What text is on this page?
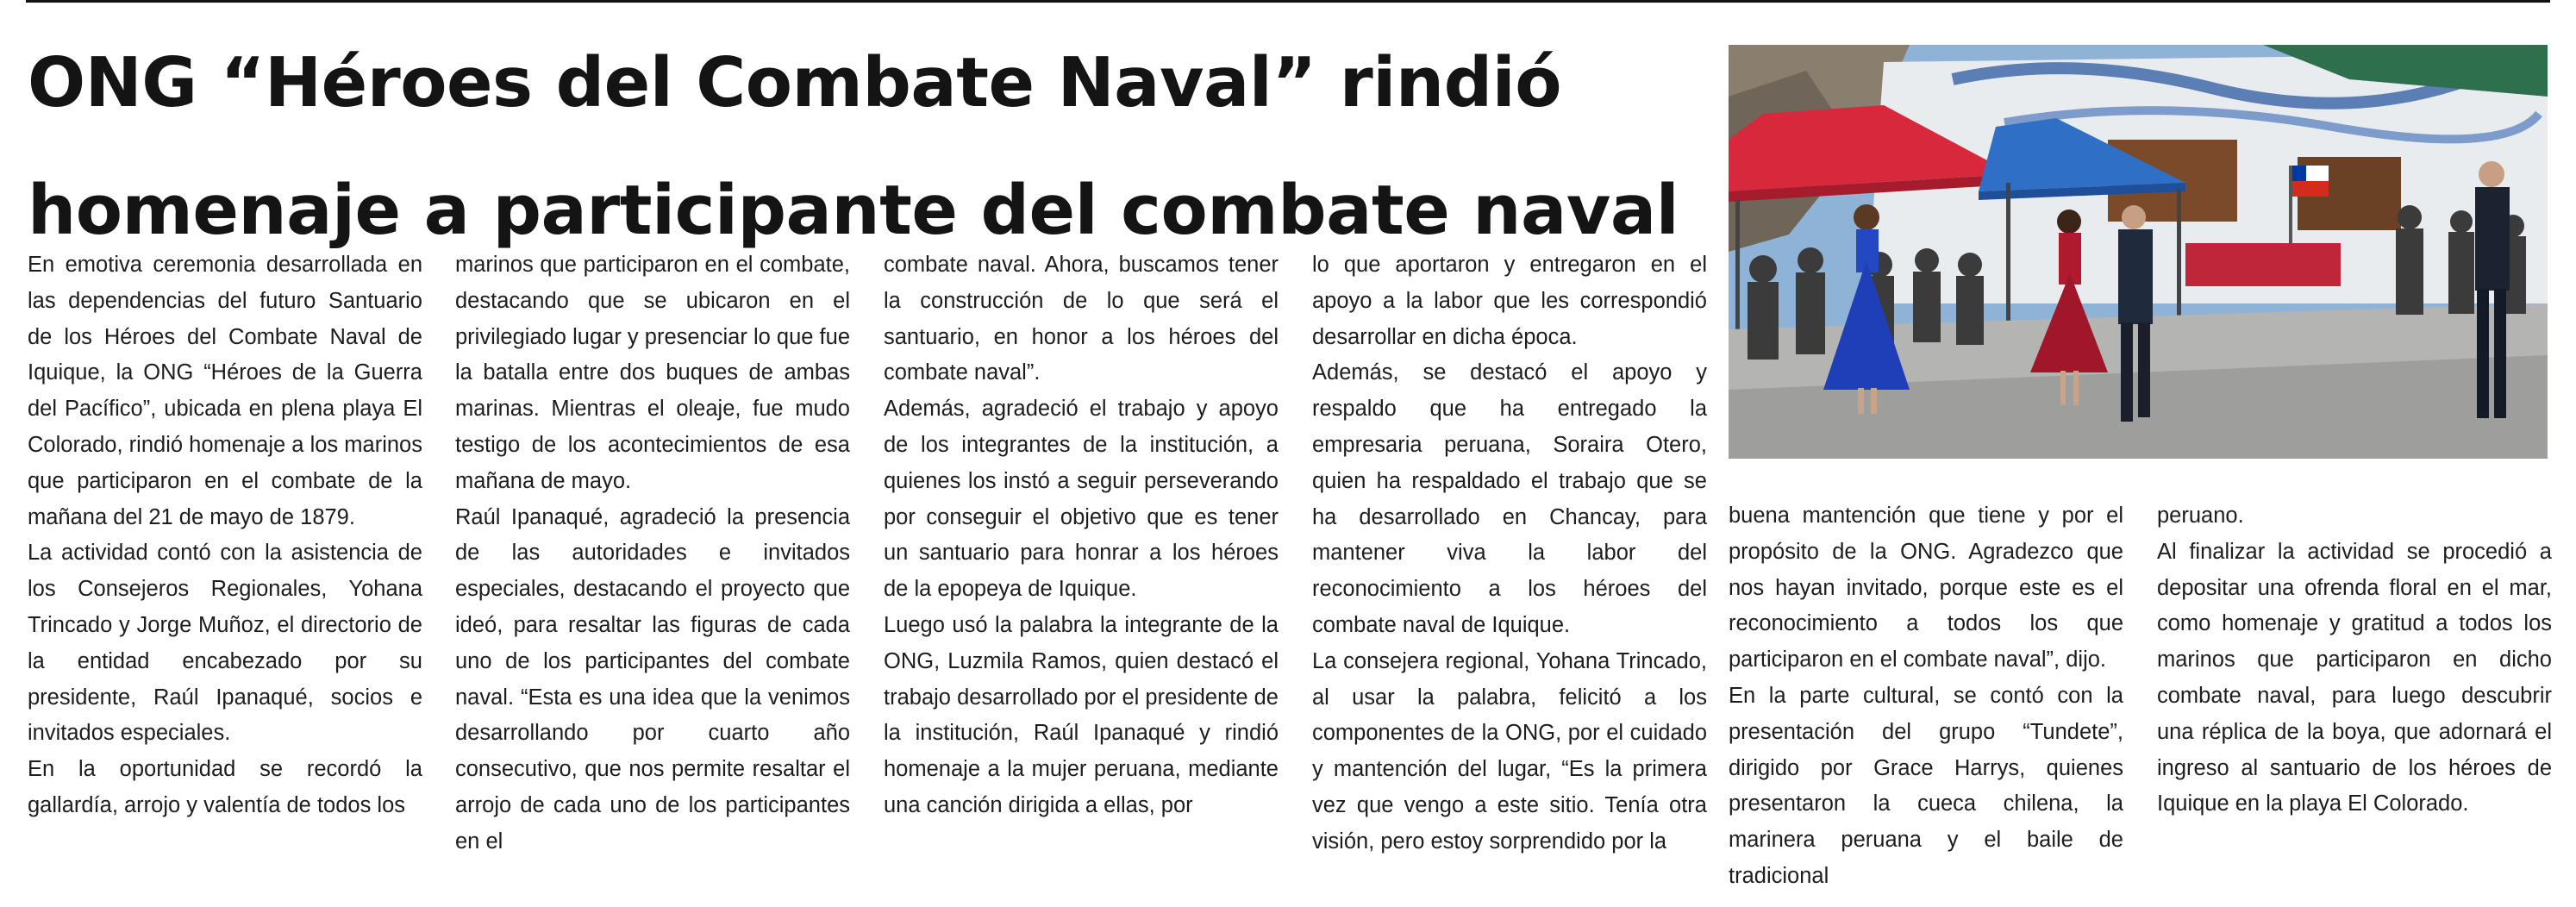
ONG “Héroes del Combate Naval” rindió
homenaje a participante del combate naval

En emotiva ceremonia desarrollada en las dependencias del futuro Santuario de los Héroes del Combate Naval de Iquique, la ONG “Héroes de la Guerra del Pacífico”, ubicada en plena playa El Colorado, rindió homenaje a los marinos que participaron en el combate de la mañana del 21 de mayo de 1879.

La actividad contó con la asistencia de los Consejeros Regionales, Yohana Trincado y Jorge Muñoz, el directorio de la entidad encabezado por su presidente, Raúl Ipanaqué, socios e invitados especiales.

En la oportunidad se recordó la gallardía, arrojo y valentía de todos los

marinos que participaron en el combate, destacando que se ubicaron en el privilegiado lugar y presenciar lo que fue la batalla entre dos buques de ambas marinas. Mientras el oleaje, fue mudo testigo de los acontecimientos de esa mañana de mayo.

Raúl Ipanaqué, agradeció la presencia de las autoridades e invitados especiales, destacando el proyecto que ideó, para resaltar las figuras de cada uno de los participantes del combate naval. “Esta es una idea que la venimos desarrollando por cuarto año consecutivo, que nos permite resaltar el arrojo de cada uno de los participantes en el

combate naval. Ahora, buscamos tener la construcción de lo que será el santuario, en honor a los héroes del combate naval”.

Además, agradeció el trabajo y apoyo de los integrantes de la institución, a quienes los instó a seguir perseverando por conseguir el objetivo que es tener un santuario para honrar a los héroes de la epopeya de Iquique.

Luego usó la palabra la integrante de la ONG, Luzmila Ramos, quien destacó el trabajo desarrollado por el presidente de la institución, Raúl Ipanaqué y rindió homenaje a la mujer peruana, mediante una canción dirigida a ellas, por

lo que aportaron y entregaron en el apoyo a la labor que les correspondió desarrollar en dicha época.

Además, se destacó el apoyo y respaldo que ha entregado la empresaria peruana, Soraira Otero, quien ha respaldado el trabajo que se ha desarrollado en Chancay, para mantener viva la labor del reconocimiento a los héroes del combate naval de Iquique.

La consejera regional, Yohana Trincado, al usar la palabra, felicitó a los componentes de la ONG, por el cuidado y mantención del lugar, “Es la primera vez que vengo a este sitio. Tenía otra visión, pero estoy sorprendido por la

buena mantención que tiene y por el propósito de la ONG. Agradezco que nos hayan invitado, porque este es el reconocimiento a todos los que participaron en el combate naval”, dijo.

En la parte cultural, se contó con la presentación del grupo “Tundete”, dirigido por Grace Harrys, quienes presentaron la cueca chilena, la marinera peruana y el baile de tradicional

peruano.

Al finalizar la actividad se procedió a depositar una ofrenda floral en el mar, como homenaje y gratitud a todos los marinos que participaron en dicho combate naval, para luego descubrir una réplica de la boya, que adornará el ingreso al santuario de los héroes de Iquique en la playa El Colorado.
